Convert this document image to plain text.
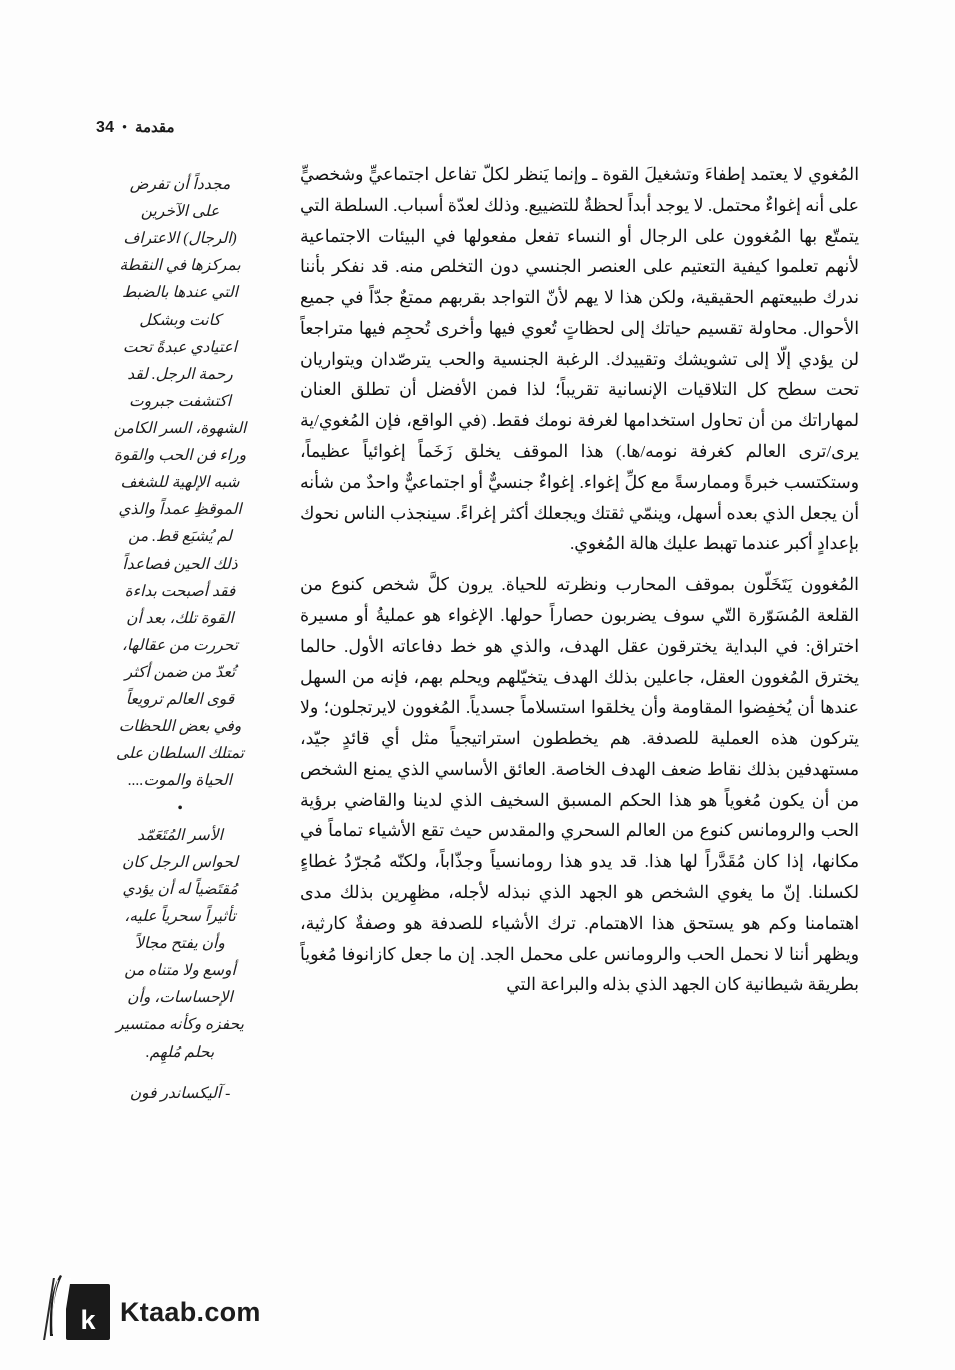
مقدمة
•
34

المُغوي لا يعتمد إطفاءَ وتشغيلَ القوة ـ وإنما يَنظر لكلّ تفاعل اجتماعيٍّ وشخصيٍّ على أنه إغواءٌ محتمل. لا يوجد أبداً لحظةٌ للتضييع. وذلك لعدّة أسباب. السلطة التي يتمتّع بها المُغوون على الرجال أو النساء تفعل مفعولها في البيئات الاجتماعية لأنهم تعلموا كيفية التعتيم على العنصر الجنسي دون التخلص منه. قد نفكر بأننا ندرك طبيعتهم الحقيقية، ولكن هذا لا يهم لأنّ التواجد بقربهم ممتعٌ جدّاً في جميع الأحوال. محاولة تقسيم حياتك إلى لحظاتٍ تُعوي فيها وأخرى تُحجِم فيها متراجعاً لن يؤدي إلّا إلى تشويشك وتقييدك. الرغبة الجنسية والحب يترصّدان ويتواريان تحت سطح كل التلاقيات الإنسانية تقريباً؛ لذا فمن الأفضل أن تطلق العنان لمهاراتك من أن تحاول استخدامها لغرفة نومك فقط. (في الواقع، فإن المُغوي/ية يرى/ترى العالم كغرفة نومه/ها.) هذا الموقف يخلق زَخَماً إغوائياً عظيماً، وستكتسب خبرةً وممارسةً مع كلِّ إغواء. إغواءٌ جنسيٌّ أو اجتماعيٌّ واحدٌ من شأنه أن يجعل الذي بعده أسهل، وينمّي ثقتك ويجعلك أكثر إغراءً. سينجذب الناس نحوك بإعدادٍ أكبر عندما تهبط عليك هالة المُغوي.

المُغوون يَتَخَلّون بموقف المحارب ونظرته للحياة. يرون كلَّ شخص كنوع من القلعة المُسَوّرة التّي سوف يضربون حصاراً حولها. الإغواء هو عمليةُ أو مسيرة اختراق: في البداية يخترقون عقل الهدف، والذي هو خط دفاعاته الأول. حالما يخترق المُغوون العقل، جاعلين بذلك الهدف يتخيّلهم ويحلم بهم، فإنه من السهل عندها أن يُخفِضوا المقاومة وأن يخلقوا استسلاماً جسدياً. المُغوون لايرتجلون؛ ولا يتركون هذه العملية للصدفة. هم يخططون استراتيجياً مثل أي قائدٍ جيّد، مستهدفين بذلك نقاط ضعف الهدف الخاصة. العائق الأساسي الذي يمنع الشخص من أن يكون مُغوياً هو هذا الحكم المسبق السخيف الذي لدينا والقاضي برؤية الحب والرومانس كنوع من العالم السحري والمقدس حيث تقع الأشياء تماماً في مكانها، إذا كان مُقَدَّراً لها هذا. قد يدو هذا رومانسياً وجذّاباً، ولكنّه مُجرّدُ غطاءٍ لكسلنا. إنّ ما يغوي الشخص هو الجهد الذي نبذله لأجله، مظهِرين بذلك مدى اهتمامنا وكم هو يستحق هذا الاهتمام. ترك الأشياء للصدفة هو وصفةٌ كارثية، ويظهر أننا لا نحمل الحب والرومانس على محمل الجد. إن ما جعل كازانوفا مُغوياً بطريقة شيطانية كان الجهد الذي بذله والبراعة التي

مجدداً أن تفرض

على الآخرين

(الرجال) الاعتراف

بمركزها في النقطة

التي عندها بالضبط

كانت وبشكل

اعتيادي عبدةً تحت

رحمة الرجل. لقد

اكتشفت جبروت

الشهوة، السر الكامن

وراء فن الحب والقوة

شبه الإلهية للشغف

الموقظِ عمداً والذي

لم يُشبَع قط. من

ذلك الحين فصاعداً

فقد أصبحت بداءة

القوة تلك، بعد أن

تحررت من عقالها،

تُعدّ من ضمن أكثر

قوى العالم ترويعاً

وفي بعض اللحظات

تمتلك السلطان على

الحياة والموت....

•

الأسر المُتَعَمّد

لحواس الرجل كان

مُقتَضياً له أن يؤدي

تأثيراً سحرياً عليه،

وأن يفتح مجالاً

أوسع ولا متناه من

الإحساسات، وأن

يحفزه وكأنه ممتسير

بحلم مُلهِم.

- آليكساندر فون

k Ktaab.com
